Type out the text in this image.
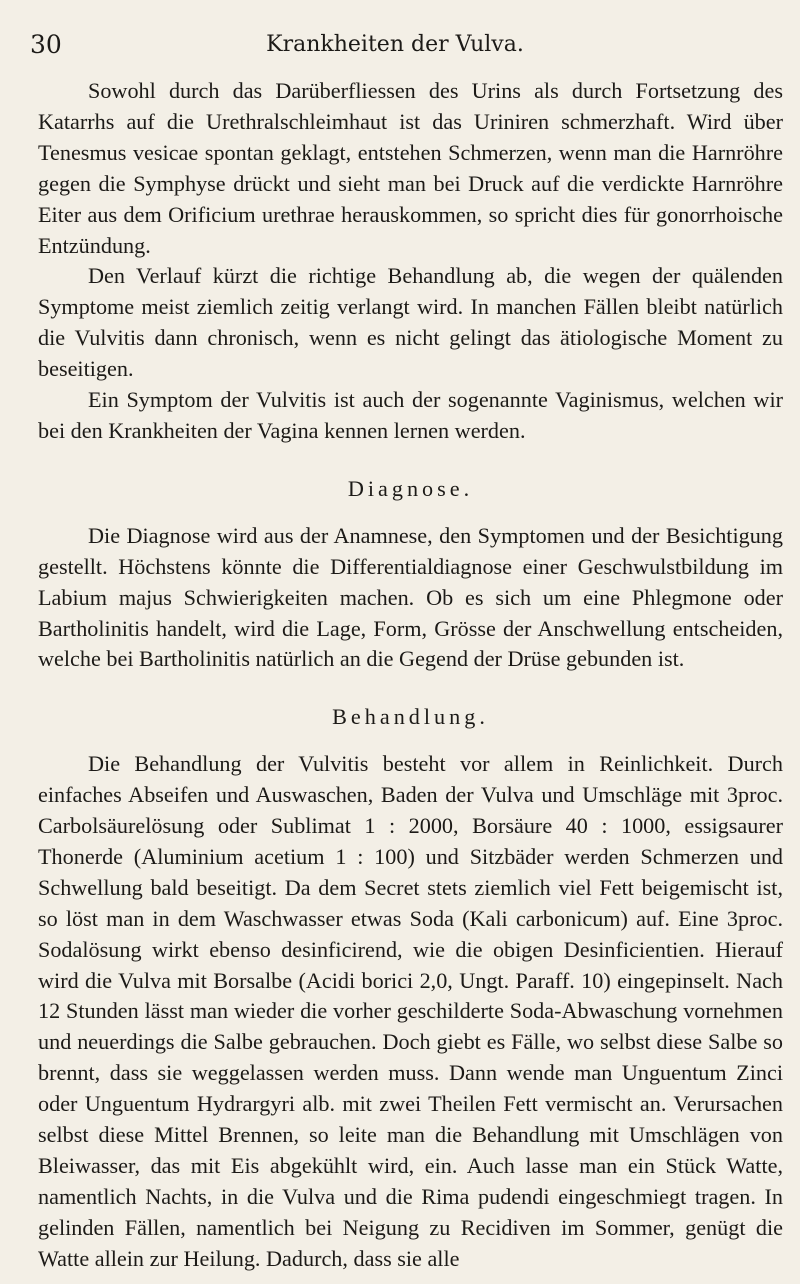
30	Krankheiten der Vulva.

Sowohl durch das Darüberfliessen des Urins als durch Fortsetzung des Katarrhs auf die Urethralschleimhaut ist das Uriniren schmerzhaft. Wird über Tenesmus vesicae spontan geklagt, entstehen Schmerzen, wenn man die Harnröhre gegen die Symphyse drückt und sieht man bei Druck auf die verdickte Harnröhre Eiter aus dem Orificium urethrae herauskommen, so spricht dies für gonorrhoische Entzündung.

Den Verlauf kürzt die richtige Behandlung ab, die wegen der quälenden Symptome meist ziemlich zeitig verlangt wird. In manchen Fällen bleibt natürlich die Vulvitis dann chronisch, wenn es nicht gelingt das ätiologische Moment zu beseitigen.

Ein Symptom der Vulvitis ist auch der sogenannte Vaginismus, welchen wir bei den Krankheiten der Vagina kennen lernen werden.

Diagnose.

Die Diagnose wird aus der Anamnese, den Symptomen und der Besichtigung gestellt. Höchstens könnte die Differentialdiagnose einer Geschwulstbildung im Labium majus Schwierigkeiten machen. Ob es sich um eine Phlegmone oder Bartholinitis handelt, wird die Lage, Form, Grösse der Anschwellung entscheiden, welche bei Bartholinitis natürlich an die Gegend der Drüse gebunden ist.

Behandlung.

Die Behandlung der Vulvitis besteht vor allem in Reinlichkeit. Durch einfaches Abseifen und Auswaschen, Baden der Vulva und Umschläge mit 3proc. Carbolsäurelösung oder Sublimat 1 : 2000, Borsäure 40 : 1000, essigsaurer Thonerde (Aluminium acetium 1 : 100) und Sitzbäder werden Schmerzen und Schwellung bald beseitigt. Da dem Secret stets ziemlich viel Fett beigemischt ist, so löst man in dem Waschwasser etwas Soda (Kali carbonicum) auf. Eine 3proc. Sodalösung wirkt ebenso desinficirend, wie die obigen Desinficientien. Hierauf wird die Vulva mit Borsalbe (Acidi borici 2,0, Ungt. Paraff. 10) eingepinselt. Nach 12 Stunden lässt man wieder die vorher geschilderte Soda-Abwaschung vornehmen und neuerdings die Salbe gebrauchen. Doch giebt es Fälle, wo selbst diese Salbe so brennt, dass sie weggelassen werden muss. Dann wende man Unguentum Zinci oder Unguentum Hydrargyri alb. mit zwei Theilen Fett vermischt an. Verursachen selbst diese Mittel Brennen, so leite man die Behandlung mit Umschlägen von Bleiwasser, das mit Eis abgekühlt wird, ein. Auch lasse man ein Stück Watte, namentlich Nachts, in die Vulva und die Rima pudendi eingeschmiegt tragen. In gelinden Fällen, namentlich bei Neigung zu Recidiven im Sommer, genügt die Watte allein zur Heilung. Dadurch, dass sie alle
